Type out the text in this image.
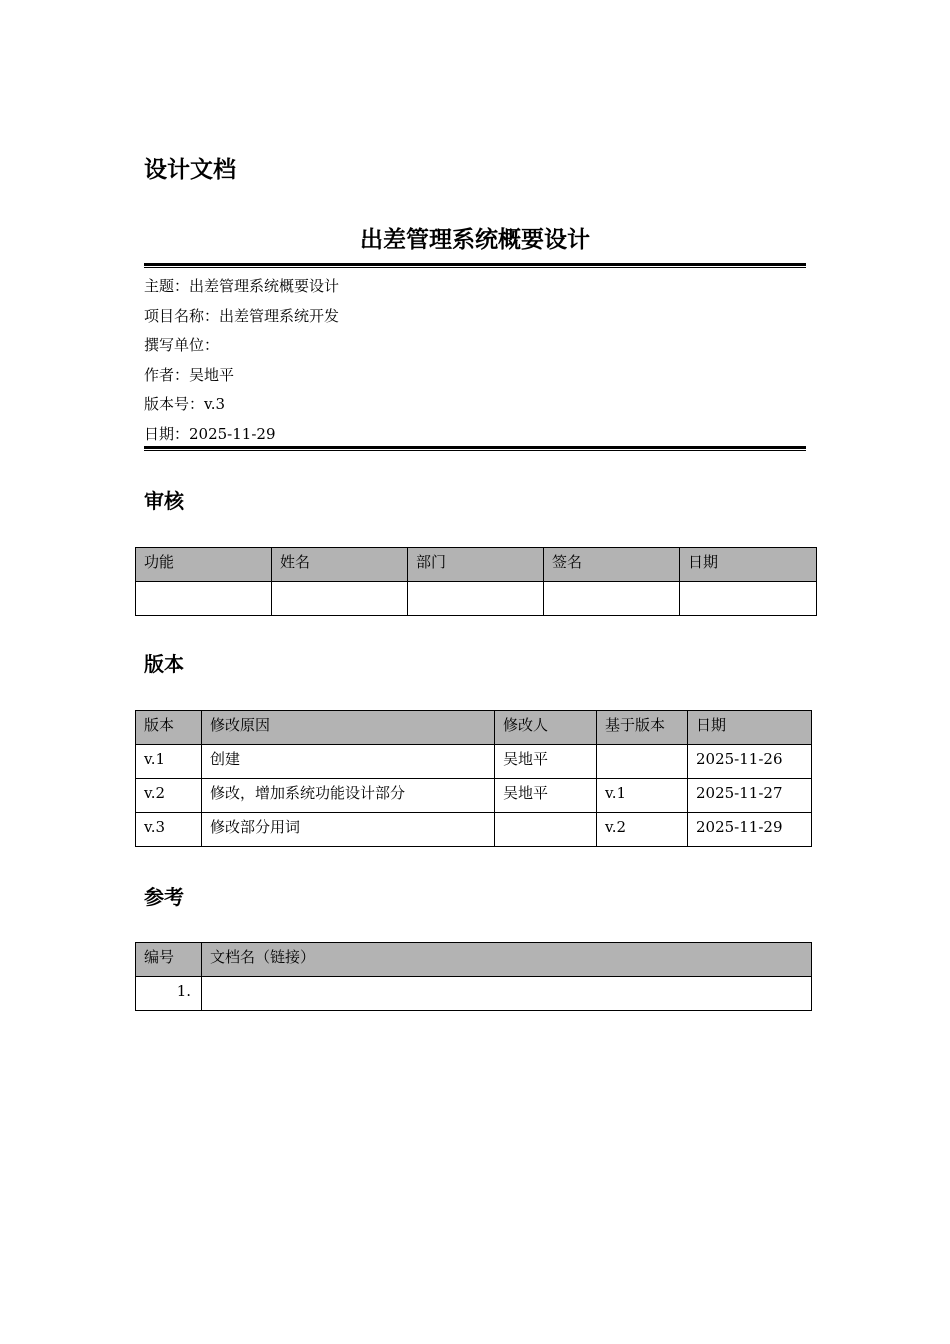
设计文档
出差管理系统概要设计
主题：出差管理系统概要设计
项目名称：出差管理系统开发
撰写单位：
作者：吴地平
版本号：v.3
日期：2025-11-29
审核
功能	姓名	部门	签名	日期

版本
版本	修改原因	修改人	基于版本	日期
v.1	创建	吴地平		2025-11-26
v.2	修改，增加系统功能设计部分	吴地平	v.1	2025-11-27
v.3	修改部分用词		v.2	2025-11-29
参考
编号	文档名（链接）
1.	
